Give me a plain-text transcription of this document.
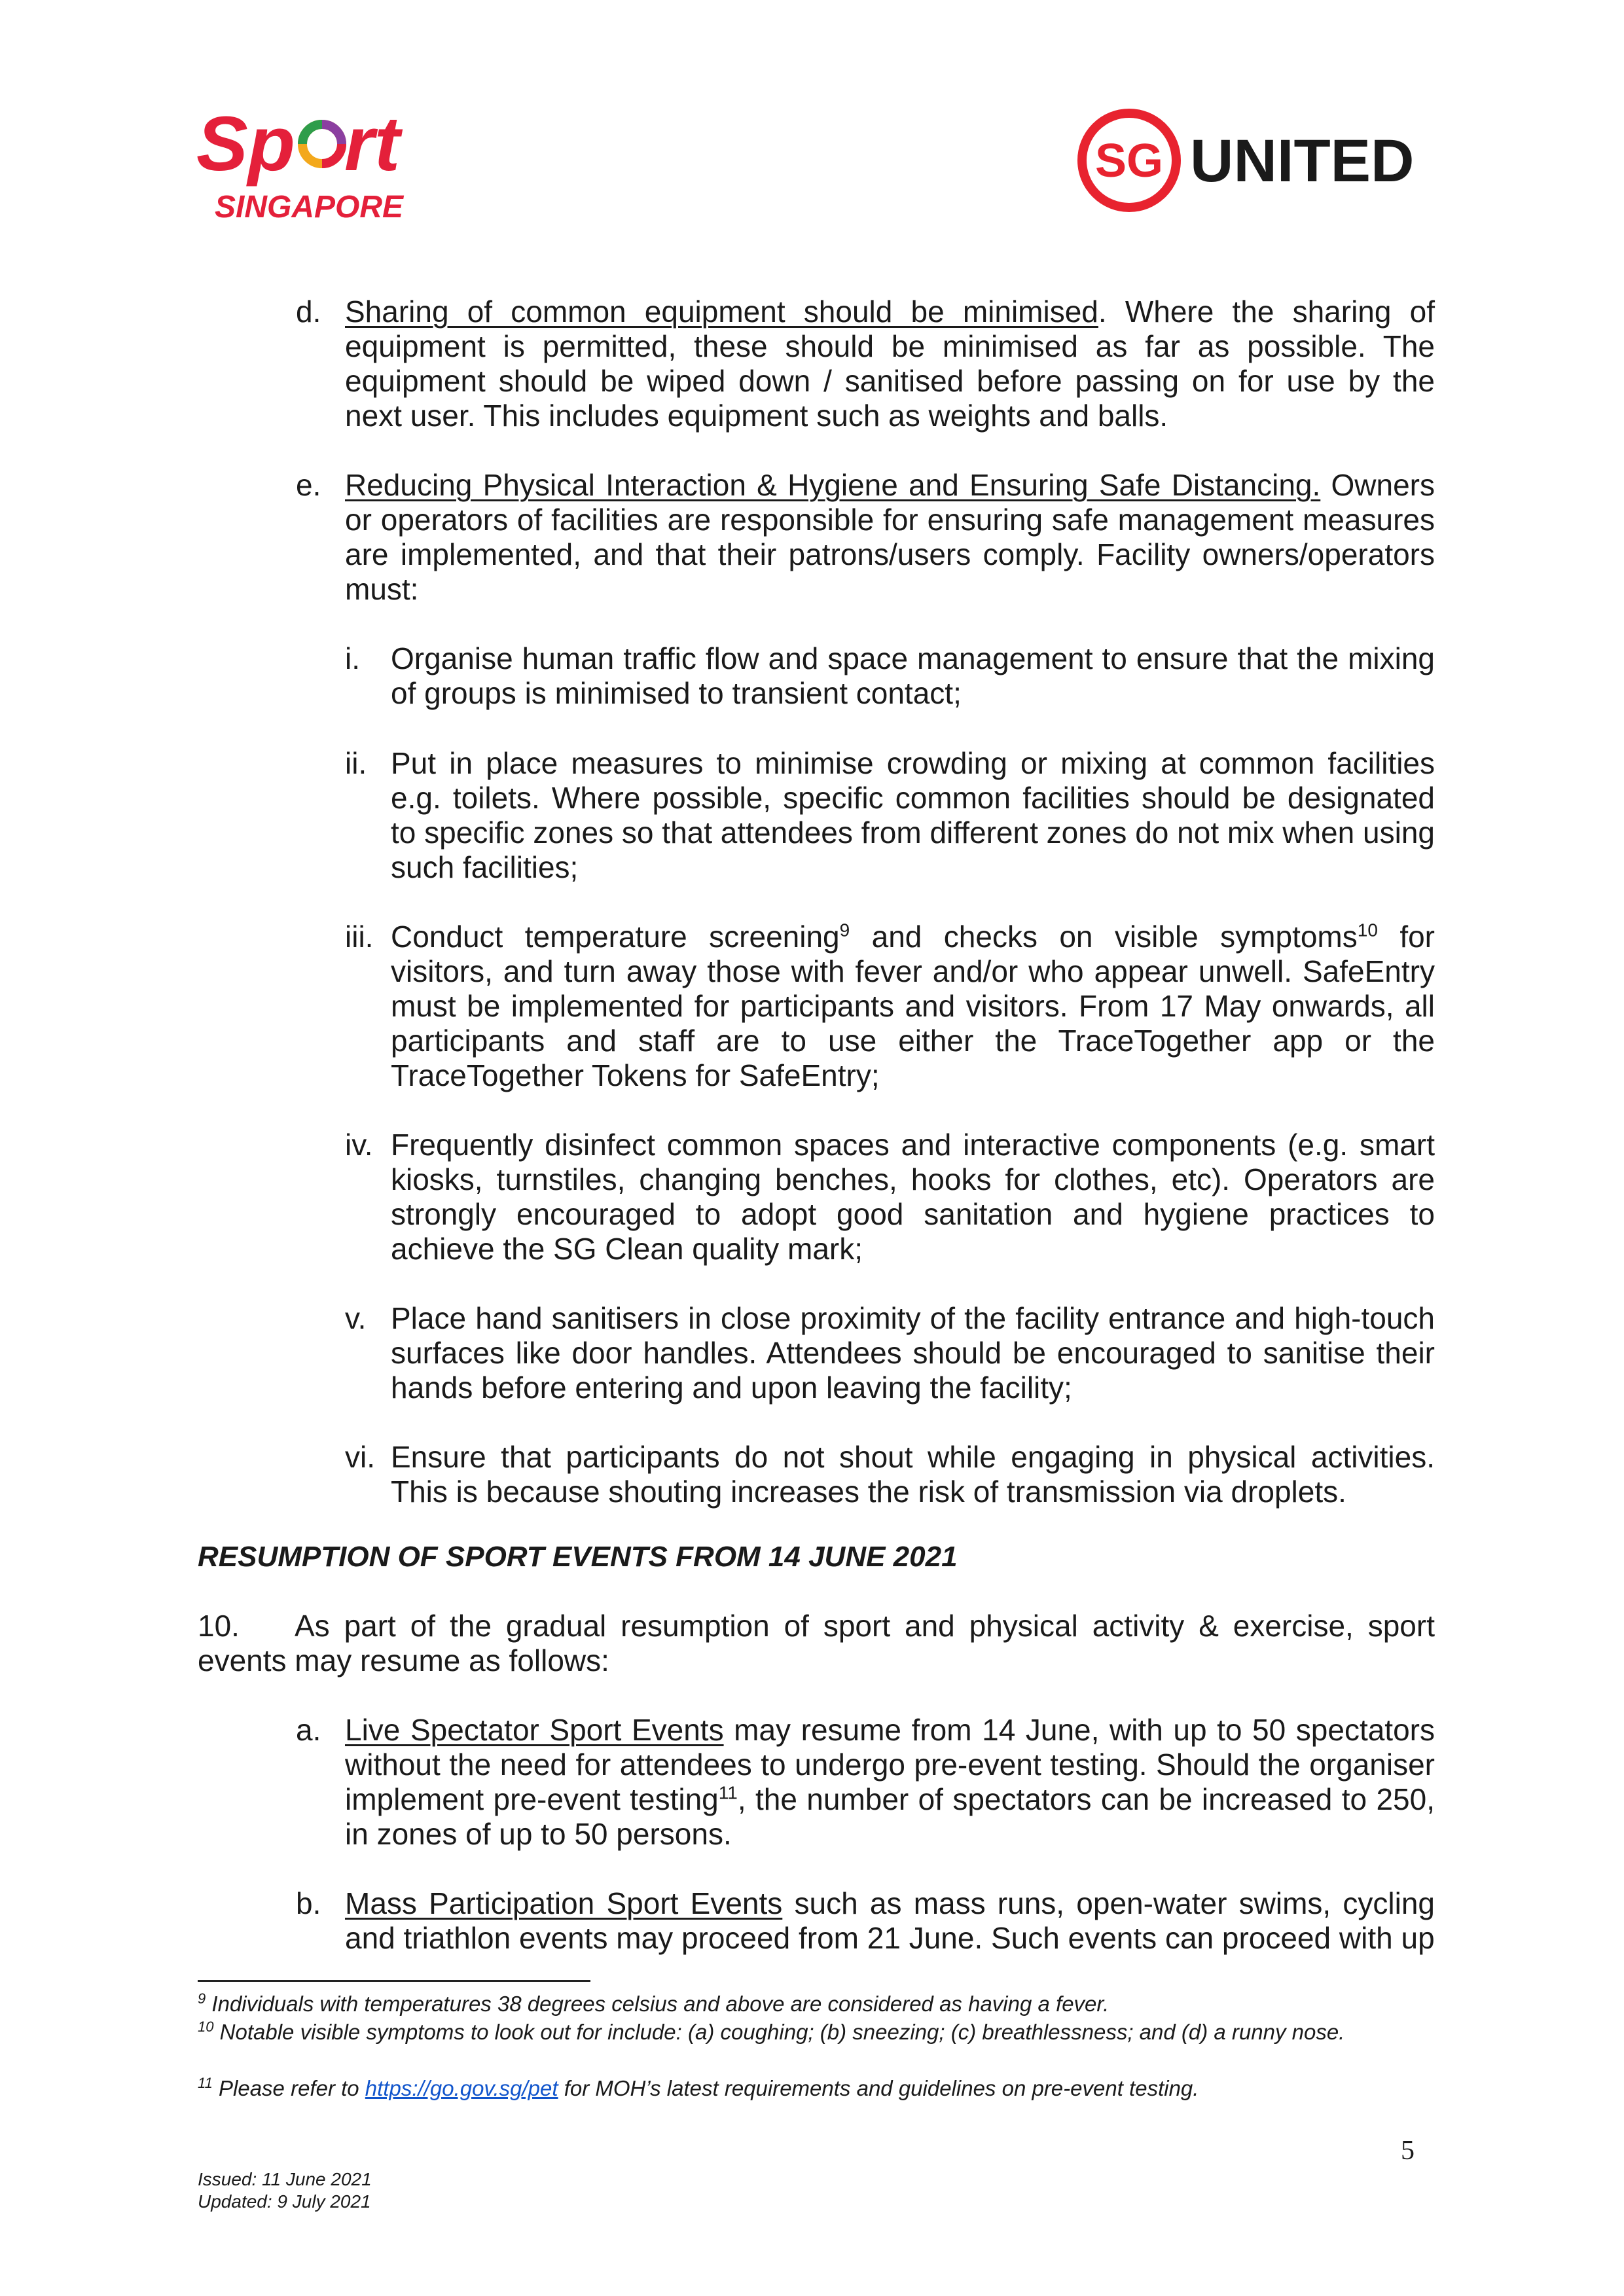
Sp rt
SINGAPORE
SG UNITED
d. Sharing of common equipment should be minimised. Where the sharing of equipment is permitted, these should be minimised as far as possible. The equipment should be wiped down / sanitised before passing on for use by the next user. This includes equipment such as weights and balls.
e. Reducing Physical Interaction & Hygiene and Ensuring Safe Distancing. Owners or operators of facilities are responsible for ensuring safe management measures are implemented, and that their patrons/users comply. Facility owners/operators must:
i. Organise human traffic flow and space management to ensure that the mixing of groups is minimised to transient contact;
ii. Put in place measures to minimise crowding or mixing at common facilities e.g. toilets. Where possible, specific common facilities should be designated to specific zones so that attendees from different zones do not mix when using such facilities;
iii. Conduct temperature screening$^9$ and checks on visible symptoms$^{10}$ for visitors, and turn away those with fever and/or who appear unwell. SafeEntry must be implemented for participants and visitors. From 17 May onwards, all participants and staff are to use either the TraceTogether app or the TraceTogether Tokens for SafeEntry;
iv. Frequently disinfect common spaces and interactive components (e.g. smart kiosks, turnstiles, changing benches, hooks for clothes, etc). Operators are strongly encouraged to adopt good sanitation and hygiene practices to achieve the SG Clean quality mark;
v. Place hand sanitisers in close proximity of the facility entrance and high-touch surfaces like door handles. Attendees should be encouraged to sanitise their hands before entering and upon leaving the facility;
vi. Ensure that participants do not shout while engaging in physical activities. This is because shouting increases the risk of transmission via droplets.
RESUMPTION OF SPORT EVENTS FROM 14 JUNE 2021

10. As part of the gradual resumption of sport and physical activity & exercise, sport events may resume as follows:

a. Live Spectator Sport Events may resume from 14 June, with up to 50 spectators without the need for attendees to undergo pre-event testing. Should the organiser implement pre-event testing$^{11}$, the number of spectators can be increased to 250, in zones of up to 50 persons.
b. Mass Participation Sport Events such as mass runs, open-water swims, cycling and triathlon events may proceed from 21 June. Such events can proceed with up
$^9$ Individuals with temperatures 38 degrees celsius and above are considered as having a fever.
$^{10}$ Notable visible symptoms to look out for include: (a) coughing; (b) sneezing; (c) breathlessness; and (d) a runny nose.
$^{11}$ Please refer to https://go.gov.sg/pet for MOH’s latest requirements and guidelines on pre-event testing.
5
Issued: 11 June 2021
Updated: 9 July 2021
